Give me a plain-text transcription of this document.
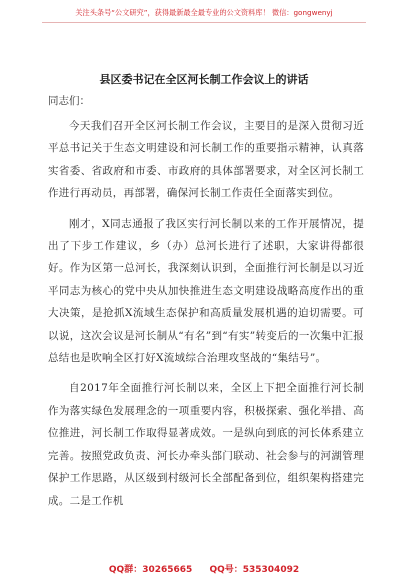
关注头条号“公文研究”，获得最新最全最专业的公文资料库！ 微信：gongwenyj
县区委书记在全区河长制工作会议上的讲话

同志们：

今天我们召开全区河长制工作会议，主要目的是深入贯彻习近平总书记关于生态文明建设和河长制工作的重要指示精神，认真落实省委、省政府和市委、市政府的具体部署要求，对全区河长制工作进行再动员，再部署，确保河长制工作责任全面落实到位。

刚才，X同志通报了我区实行河长制以来的工作开展情况，提出了下步工作建议，乡（办）总河长进行了述职，大家讲得都很好。作为区第一总河长，我深刻认识到，全面推行河长制是以习近平同志为核心的党中央从加快推进生态文明建设战略高度作出的重大决策，是抢抓X流域生态保护和高质量发展机遇的迫切需要。可以说，这次会议是河长制从“有名”到“有实”转变后的一次集中汇报总结也是吹响全区打好X流域综合治理攻坚战的“集结号”。

自2017年全面推行河长制以来，全区上下把全面推行河长制作为落实绿色发展理念的一项重要内容，积极探索、强化举措、高位推进，河长制工作取得显著成效。一是纵向到底的河长体系建立完善。按照党政负责、河长办牵头部门联动、社会参与的河湖管理保护工作思路，从区级到村级河长全部配备到位，组织架构搭建完成。二是工作机

QQ群：30265665 QQ号：535304092
